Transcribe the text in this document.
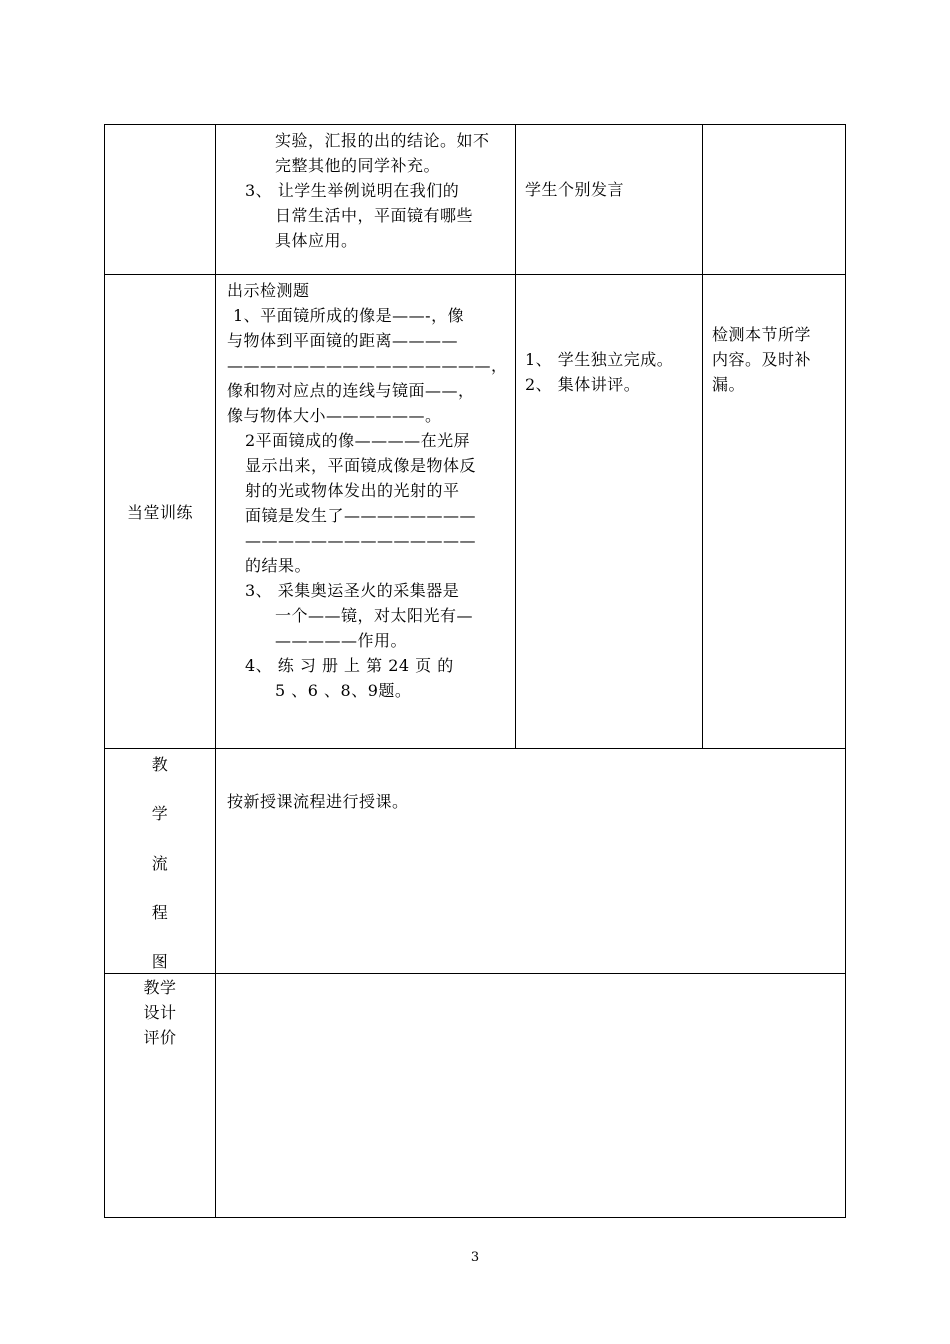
实验，汇报的出的结论。如不
完整其他的同学补充。
3、 让学生举例说明在我们的
日常生活中，平面镜有哪些
具体应用。
学生个别发言
当堂训练
出示检测题
1、平面镜所成的像是——-，像
与物体到平面镜的距离————
————————————————，
像和物对应点的连线与镜面——，
像与物体大小——————。
2平面镜成的像————在光屏
显示出来，平面镜成像是物体反
射的光或物体发出的光射的平
面镜是发生了————————
——————————————
的结果。
3、 采集奥运圣火的采集器是
一个——镜，对太阳光有—
—————作用。
4、 练 习 册 上 第 24 页 的
5 、6 、8、9题。
1、 学生独立完成。
2、 集体讲评。
检测本节所学
内容。及时补
漏。
教
学
流
程
图
按新授课流程进行授课。
教学
设计
评价
3
